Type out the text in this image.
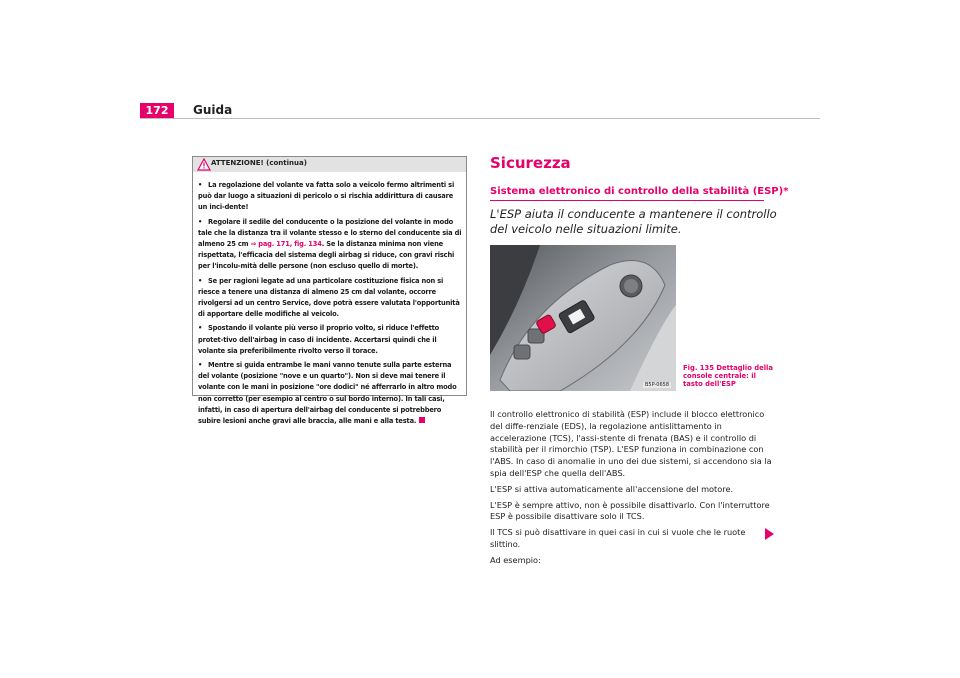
172 Guida
ATTENZIONE! (continua)

• La regolazione del volante va fatta solo a veicolo fermo altrimenti si può dar luogo a situazioni di pericolo o si rischia addirittura di causare un inci-dente!

• Regolare il sedile del conducente o la posizione del volante in modo tale che la distanza tra il volante stesso e lo sterno del conducente sia di almeno 25 cm ⇒ pag. 171, fig. 134. Se la distanza minima non viene rispettata, l'efficacia del sistema degli airbag si riduce, con gravi rischi per l'incolu-mità delle persone (non escluso quello di morte).

• Se per ragioni legate ad una particolare costituzione fisica non si riesce a tenere una distanza di almeno 25 cm dal volante, occorre rivolgersi ad un centro Service, dove potrà essere valutata l'opportunità di apportare delle modifiche al veicolo.

• Spostando il volante più verso il proprio volto, si riduce l'effetto protet-tivo dell'airbag in caso di incidente. Accertarsi quindi che il volante sia preferibilmente rivolto verso il torace.

• Mentre si guida entrambe le mani vanno tenute sulla parte esterna del volante (posizione "nove e un quarto"). Non si deve mai tenere il volante con le mani in posizione "ore dodici" né afferrarlo in altro modo non corretto (per esempio al centro o sul bordo interno). In tali casi, infatti, in caso di apertura dell'airbag del conducente si potrebbero subire lesioni anche gravi alle braccia, alle mani e alla testa.

Sicurezza
Sistema elettronico di controllo della stabilità (ESP)*
L'ESP aiuta il conducente a mantenere il controllo del veicolo nelle situazioni limite.
B5P-0658
Fig. 135 Dettaglio della console centrale: il tasto dell'ESP

Il controllo elettronico di stabilità (ESP) include il blocco elettronico del diffe-renziale (EDS), la regolazione antislittamento in accelerazione (TCS), l'assi-stente di frenata (BAS) e il controllo di stabilità per il rimorchio (TSP). L'ESP funziona in combinazione con l'ABS. In caso di anomalie in uno dei due sistemi, si accendono sia la spia dell'ESP che quella dell'ABS.

L'ESP si attiva automaticamente all'accensione del motore.

L'ESP è sempre attivo, non è possibile disattivarlo. Con l'interruttore ESP è possibile disattivare solo il TCS.

Il TCS si può disattivare in quei casi in cui si vuole che le ruote slittino.

Ad esempio:
